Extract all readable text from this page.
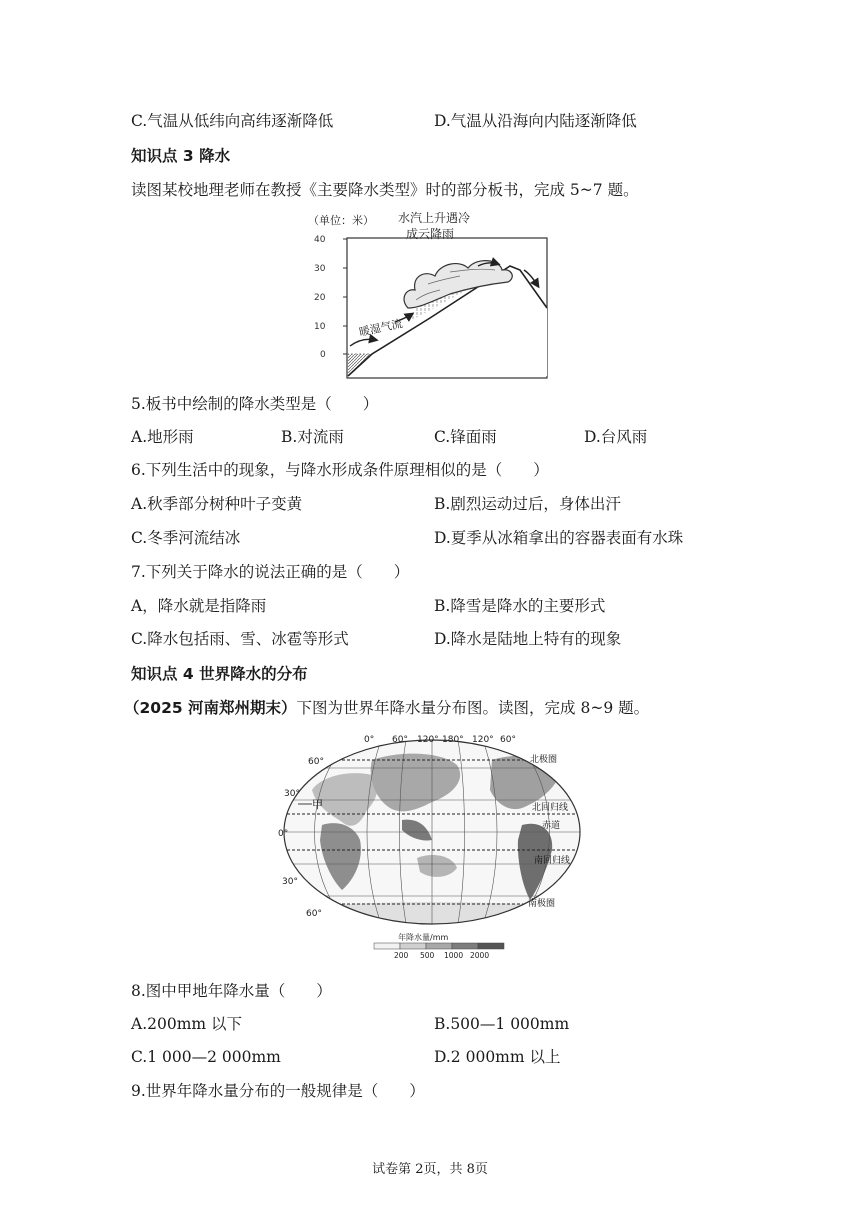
C.气温从低纬向高纬逐渐降低	D.气温从沿海向内陆逐渐降低
知识点 3 降水
读图某校地理老师在教授《主要降水类型》时的部分板书，完成 5~7 题。
40
30
20
10
0
（单位：米） 水汽上升遇冷
成云降雨
暖湿气流
5.板书中绘制的降水类型是（　　）
A.地形雨	B.对流雨	C.锋面雨	D.台风雨
6.下列生活中的现象，与降水形成条件原理相似的是（　　）
A.秋季部分树种叶子变黄	B.剧烈运动过后，身体出汗
C.冬季河流结冰	D.夏季从冰箱拿出的容器表面有水珠
7.下列关于降水的说法正确的是（　　）
A，降水就是指降雨	B.降雪是降水的主要形式
C.降水包括雨、雪、冰雹等形式	D.降水是陆地上特有的现象
知识点 4 世界降水的分布
（2025 河南郑州期末）下图为世界年降水量分布图。读图，完成 8~9 题。
0° 60° 120° 180° 120° 60°
60°
30°
0°
30°
60°
甲
北极圈
北回归线
赤道
南回归线
南极圈
年降水量/mm
200 500 1000 2000
8.图中甲地年降水量（　　）
A.200mm 以下	B.500—1 000mm
C.1 000—2 000mm	D.2 000mm 以上
9.世界年降水量分布的一般规律是（　　）
试卷第 2页，共 8页
